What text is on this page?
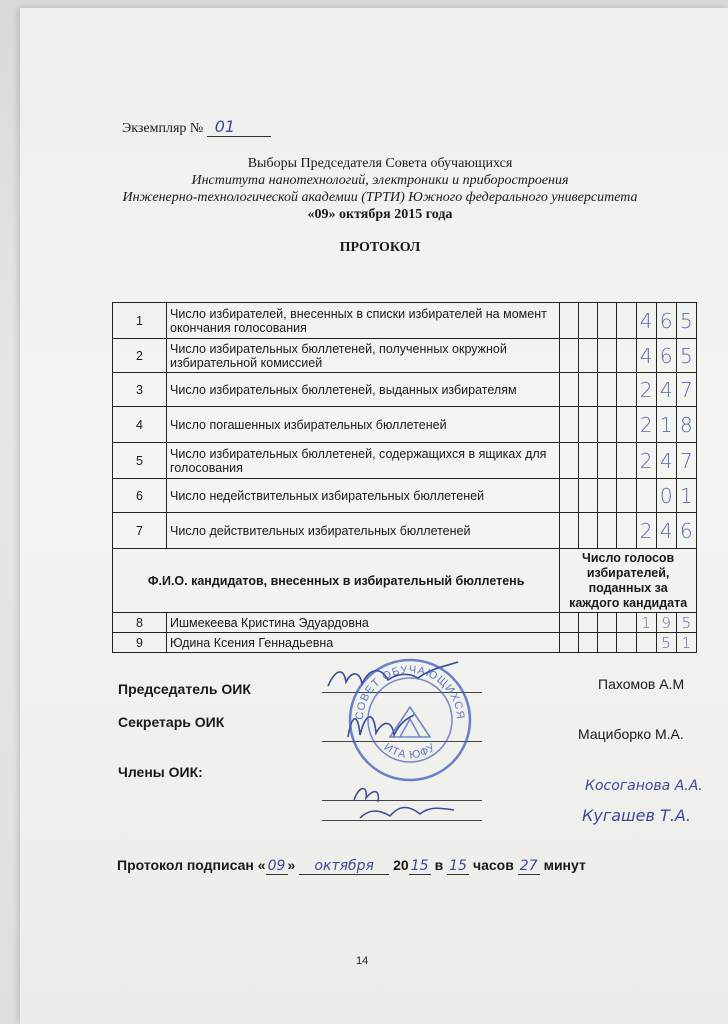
Экземпляр № 01
Выборы Председателя Совета обучающихся
Института нанотехнологий, электроники и приборостроения
Инженерно-технологической академии (ТРТИ) Южного федерального университета
«09» октября 2015 года
ПРОТОКОЛ
1	Число избирателей, внесенных в списки избирателей на момент окончания голосования					4	6	5
2	Число избирательных бюллетеней, полученных окружной избирательной комиссией					4	6	5
3	Число избирательных бюллетеней, выданных избирателям					2	4	7
4	Число погашенных избирательных бюллетеней					2	1	8
5	Число избирательных бюллетеней, содержащихся в ящиках для голосования					2	4	7
6	Число недействительных избирательных бюллетеней						0	1
7	Число действительных избирательных бюллетеней					2	4	6
Ф.И.О. кандидатов, внесенных в избирательный бюллетень		Число голосов избирателей, поданных за каждого кандидата						
8	Ишмекеева Кристина Эдуардовна					1	9	5
9	Юдина Ксения Геннадьевна						5	1
Председатель ОИК	Пахомов А.М
Секретарь ОИК
Мациборко М.А.
Члены ОИК:
Косоганова А.А.
Кугашев Т.А.
СОВЕТ ОБУЧАЮЩИХСЯ
ИТА ЮФУ
Протокол подписан « 09 » октября 20 15 в 15 часов 27 минут
14
